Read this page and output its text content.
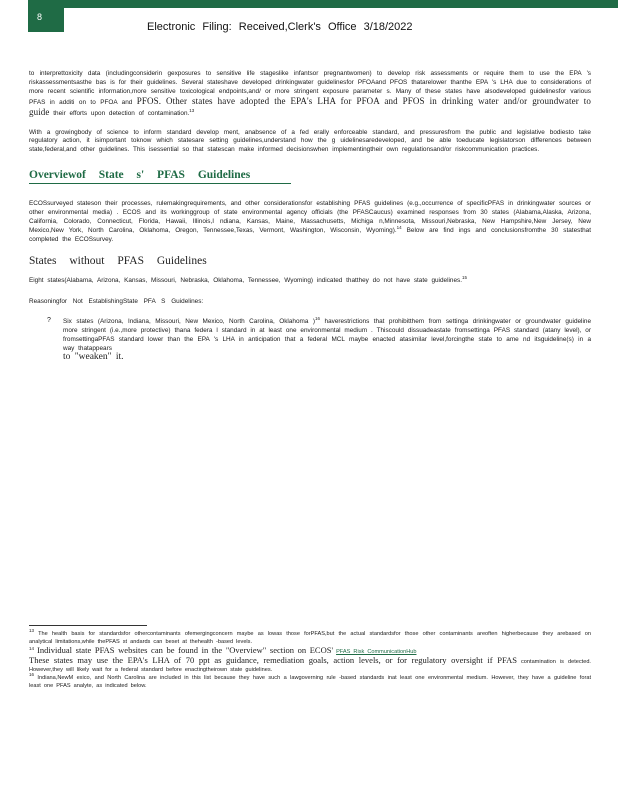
8
Electronic Filing: Received,Clerk's Office 3/18/2022

to interprettoxicity data (includingconsiderin gexposures to sensitive life stageslike infantsor pregnantwomen) to develop risk assessments or require them to use the EPA 's riskassessmentsasthe bas is for their guidelines. Several stateshave developed drinkingwater guidelinesfor PFOAand PFOS thatarelower thanthe EPA 's LHA due to considerations of more recent scientific information,more sensitive toxicological endpoints,and/ or more stringent exposure parameter s. Many of these states have alsodeveloped guidelinesfor various PFAS in additi on to PFOA and PFOS. Other states have adopted the EPA's LHA for PFOA and PFOS in drinking water and/or groundwater to guide their efforts upon detection of contamination.$^{13}$

With a growingbody of science to inform standard develop ment, anabsence of a fed erally enforceable standard, and pressuresfrom the public and legislative bodiesto take regulatory action, it isimportant toknow which statesare setting guidelines,understand how the g uidelinesaredeveloped, and be able toeducate legislatorson differences between state,federal,and other guidelines. This isessential so that statescan make informed decisionswhen implementingtheir own regulationsand/or riskcommunication practices.

Overviewof State s' PFAS Guidelines

ECOSsurveyed stateson their processes, rulemakingrequirements, and other considerationsfor establishing PFAS guidelines (e.g.,occurrence of specificPFAS in drinkingwater sources or other environmental media) . ECOS and its workinggroup of state environmental agency officials (the PFASCaucus) examined responses from 30 states (Alabama,Alaska, Arizona, California, Colorado, Connecticut, Florida, Hawaii, Illinois,I ndiana, Kansas, Maine, Massachusetts, Michiga n,Minnesota, Missouri,Nebraska, New Hampshire,New Jersey, New Mexico,New York, North Carolina, Oklahoma, Oregon, Tennessee,Texas, Vermont, Washington, Wisconsin, Wyoming).$^{14}$ Below are find ings and conclusionsfromthe 30 statesthat completed the ECOSsurvey.

States without PFAS Guidelines

Eight states(Alabama, Arizona, Kansas, Missouri, Nebraska, Oklahoma, Tennessee, Wyoming) indicated thatthey do not have state guidelines.$^{15}$

Reasoningfor Not EstablishingState PFA S Guidelines:
? Six states (Arizona, Indiana, Missouri, New Mexico, North Carolina, Oklahoma )$^{16}$ haverestrictions that prohibitthem from settinga drinkingwater or groundwater guideline more stringent (i.e.,more protective) thana federa l standard in at least one environmental medium . Thiscould dissuadeastate fromsettinga PFAS standard (atany level), or fromsettingaPFAS standard lower than the EPA 's LHA in anticipation that a federal MCL maybe enacted atasimilar level,forcingthe state to ame nd itsguideline(s) in a way thatappears
to "weaken" it.

$^{13}$ The health basis for standardsfor othercontaminants ofemergingconcern maybe as lowas those forPFAS,but the actual standardsfor those other contaminants areoften higherbecause they arebased on analytical limitations,while thePFAS st andards can beset at thehealth -based levels.

$^{14}$ Individual state PFAS websites can be found in the "Overview" section on ECOS' PFAS Risk CommunicationHub
These states may use the EPA's LHA of 70 ppt as guidance, remediation goals, action levels, or for regulatory oversight if PFAS contamination is detected. However,they will likely wait for a federal standard before enactingtheirown state guidelines.

$^{16}$ Indiana,NewM exico, and North Carolina are included in this list because they have such a lawgoverning rule -based standards inat least one environmental medium. However, they have a guideline forat least one PFAS analyte, as indicated below.
